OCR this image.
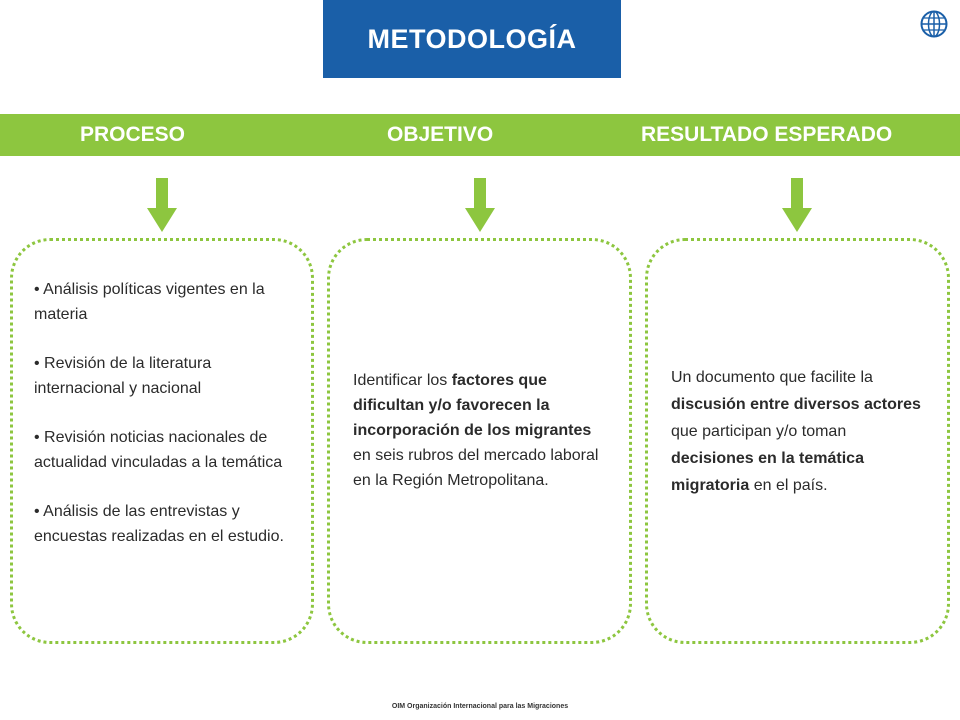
METODOLOGÍA
PROCESO	OBJETIVO	RESULTADO ESPERADO
• Análisis políticas vigentes en la materia
• Revisión de la literatura internacional y nacional
• Revisión noticias nacionales de actualidad vinculadas a la temática
• Análisis de las entrevistas y encuestas realizadas en el estudio.
Identificar los factores que dificultan y/o favorecen la incorporación de los migrantes en seis rubros del mercado laboral en la Región Metropolitana.
Un documento que facilite la discusión entre diversos actores que participan y/o toman decisiones en la temática migratoria en el país.
OIM Organización Internacional para las Migraciones
